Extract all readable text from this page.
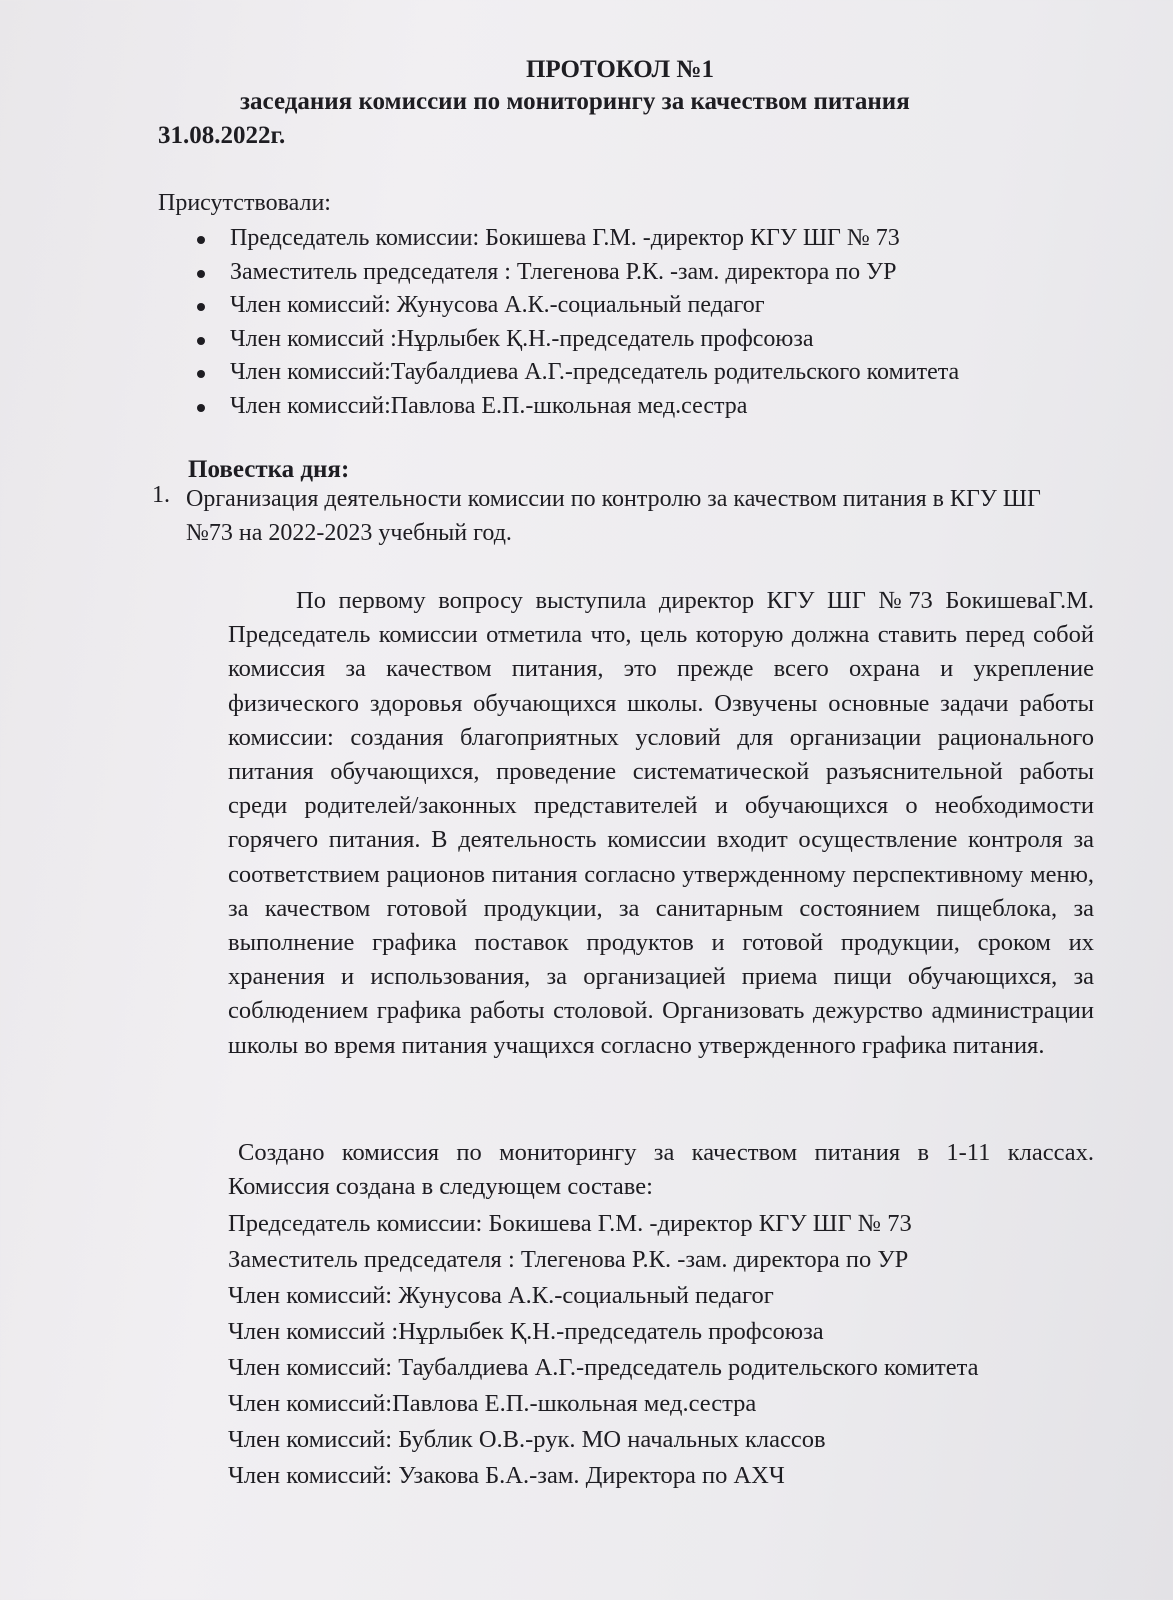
ПРОТОКОЛ №1
заседания комиссии по мониторингу за качеством питания
31.08.2022г.
Присутствовали:
Председатель комиссии: Бокишева Г.М. -директор КГУ ШГ № 73
Заместитель председателя : Тлегенова Р.К. -зам. директора по УР
Член комиссий: Жунусова А.К.-социальный педагог
Член комиссий :Нұрлыбек Қ.Н.-председатель профсоюза
Член комиссий:Таубалдиева А.Г.-председатель родительского комитета
Член комиссий:Павлова Е.П.-школьная мед.сестра
Повестка дня:
1. Организация деятельности комиссии по контролю за качеством питания в КГУ ШГ №73 на 2022-2023 учебный год.
По первому вопросу выступила директор КГУ ШГ №73 БокишеваГ.М. Председатель комиссии отметила что, цель которую должна ставить перед собой комиссия за качеством питания, это прежде всего охрана и укрепление физического здоровья обучающихся школы. Озвучены основные задачи работы комиссии: создания благоприятных условий для организации рационального питания обучающихся, проведение систематической разъяснительной работы среди родителей/законных представителей и обучающихся о необходимости горячего питания. В деятельность комиссии входит осуществление контроля за соответствием рационов питания согласно утвержденному перспективному меню, за качеством готовой продукции, за санитарным состоянием пищеблока, за выполнение графика поставок продуктов и готовой продукции, сроком их хранения и использования, за организацией приема пищи обучающихся, за соблюдением графика работы столовой. Организовать дежурство администрации школы во время питания учащихся согласно утвержденного графика питания.
Создано комиссия по мониторингу за качеством питания в 1-11 классах. Комиссия создана в следующем составе:
Председатель комиссии: Бокишева Г.М. -директор КГУ ШГ № 73
Заместитель председателя : Тлегенова Р.К. -зам. директора по УР
Член комиссий: Жунусова А.К.-социальный педагог
Член комиссий :Нұрлыбек Қ.Н.-председатель профсоюза
Член комиссий: Таубалдиева А.Г.-председатель родительского комитета
Член комиссий:Павлова Е.П.-школьная мед.сестра
Член комиссий: Бублик О.В.-рук. МО начальных классов
Член комиссий: Узакова Б.А.-зам. Директора по АХЧ
